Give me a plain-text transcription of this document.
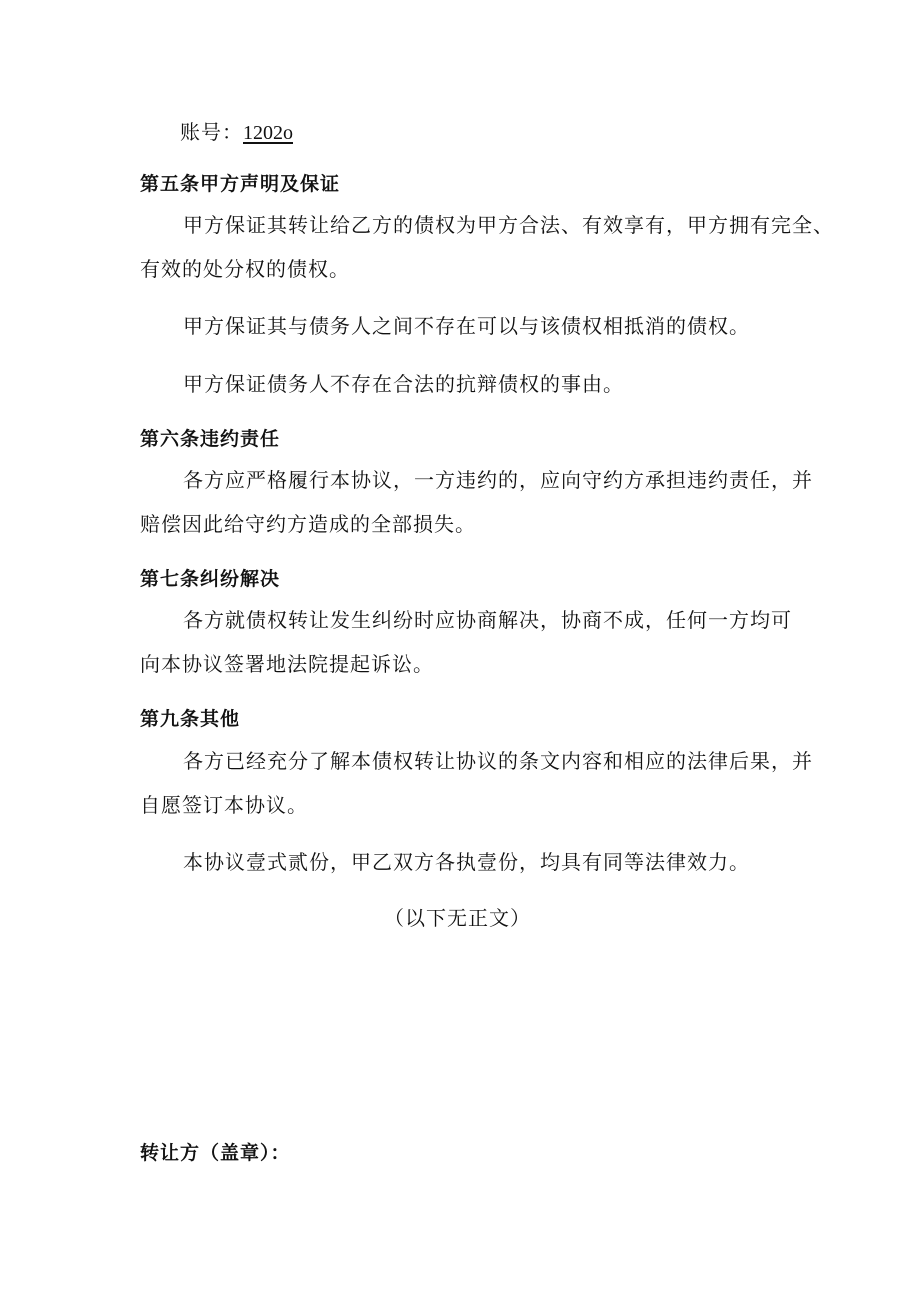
账号：1202o
第五条甲方声明及保证
甲方保证其转让给乙方的债权为甲方合法、有效享有，甲方拥有完全、
有效的处分权的债权。
甲方保证其与债务人之间不存在可以与该债权相抵消的债权。
甲方保证债务人不存在合法的抗辩债权的事由。
第六条违约责任
各方应严格履行本协议，一方违约的，应向守约方承担违约责任，并
赔偿因此给守约方造成的全部损失。
第七条纠纷解决
各方就债权转让发生纠纷时应协商解决，协商不成，任何一方均可
向本协议签署地法院提起诉讼。
第九条其他
各方已经充分了解本债权转让协议的条文内容和相应的法律后果，并
自愿签订本协议。
本协议壹式贰份，甲乙双方各执壹份，均具有同等法律效力。
（以下无正文）
转让方（盖章）：
